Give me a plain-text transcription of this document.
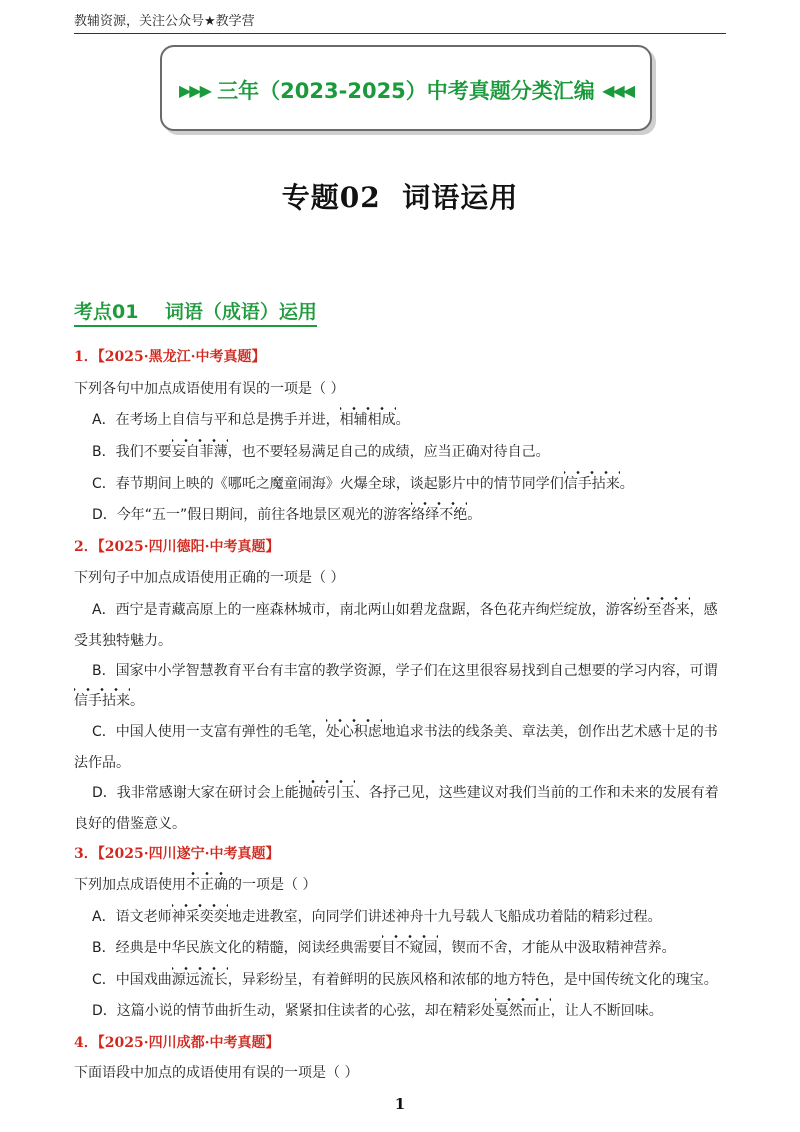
教辅资源，关注公众号★教学营
▶▶▶ 三年（2023-2025）中考真题分类汇编 ◀◀◀
专题02  词语运用
考点01    词语（成语）运用
1．【2025·黑龙江·中考真题】
下列各句中加点成语使用有误的一项是（ ）
A．在考场上自信与平和总是携手并进，相辅相成。
B．我们不要妄自菲薄，也不要轻易满足自己的成绩，应当正确对待自己。
C．春节期间上映的《哪吒之魔童闹海》火爆全球，谈起影片中的情节同学们信手拈来。
D．今年“五一”假日期间，前往各地景区观光的游客络绎不绝。
2．【2025·四川德阳·中考真题】
下列句子中加点成语使用正确的一项是（ ）
A．西宁是青藏高原上的一座森林城市，南北两山如碧龙盘踞，各色花卉绚烂绽放，游客纷至沓来，感
受其独特魅力。
B．国家中小学智慧教育平台有丰富的教学资源，学子们在这里很容易找到自己想要的学习内容，可谓
信手拈来。
C．中国人使用一支富有弹性的毛笔，处心积虑地追求书法的线条美、章法美，创作出艺术感十足的书
法作品。
D．我非常感谢大家在研讨会上能抛砖引玉、各抒己见，这些建议对我们当前的工作和未来的发展有着
良好的借鉴意义。
3．【2025·四川遂宁·中考真题】
下列加点成语使用不正确的一项是（ ）
A．语文老师神采奕奕地走进教室，向同学们讲述神舟十九号载人飞船成功着陆的精彩过程。
B．经典是中华民族文化的精髓，阅读经典需要目不窥园，锲而不舍，才能从中汲取精神营养。
C．中国戏曲源远流长，异彩纷呈，有着鲜明的民族风格和浓郁的地方特色，是中国传统文化的瑰宝。
D．这篇小说的情节曲折生动，紧紧扣住读者的心弦，却在精彩处戛然而止，让人不断回味。
4．【2025·四川成都·中考真题】
下面语段中加点的成语使用有误的一项是（ ）
1
